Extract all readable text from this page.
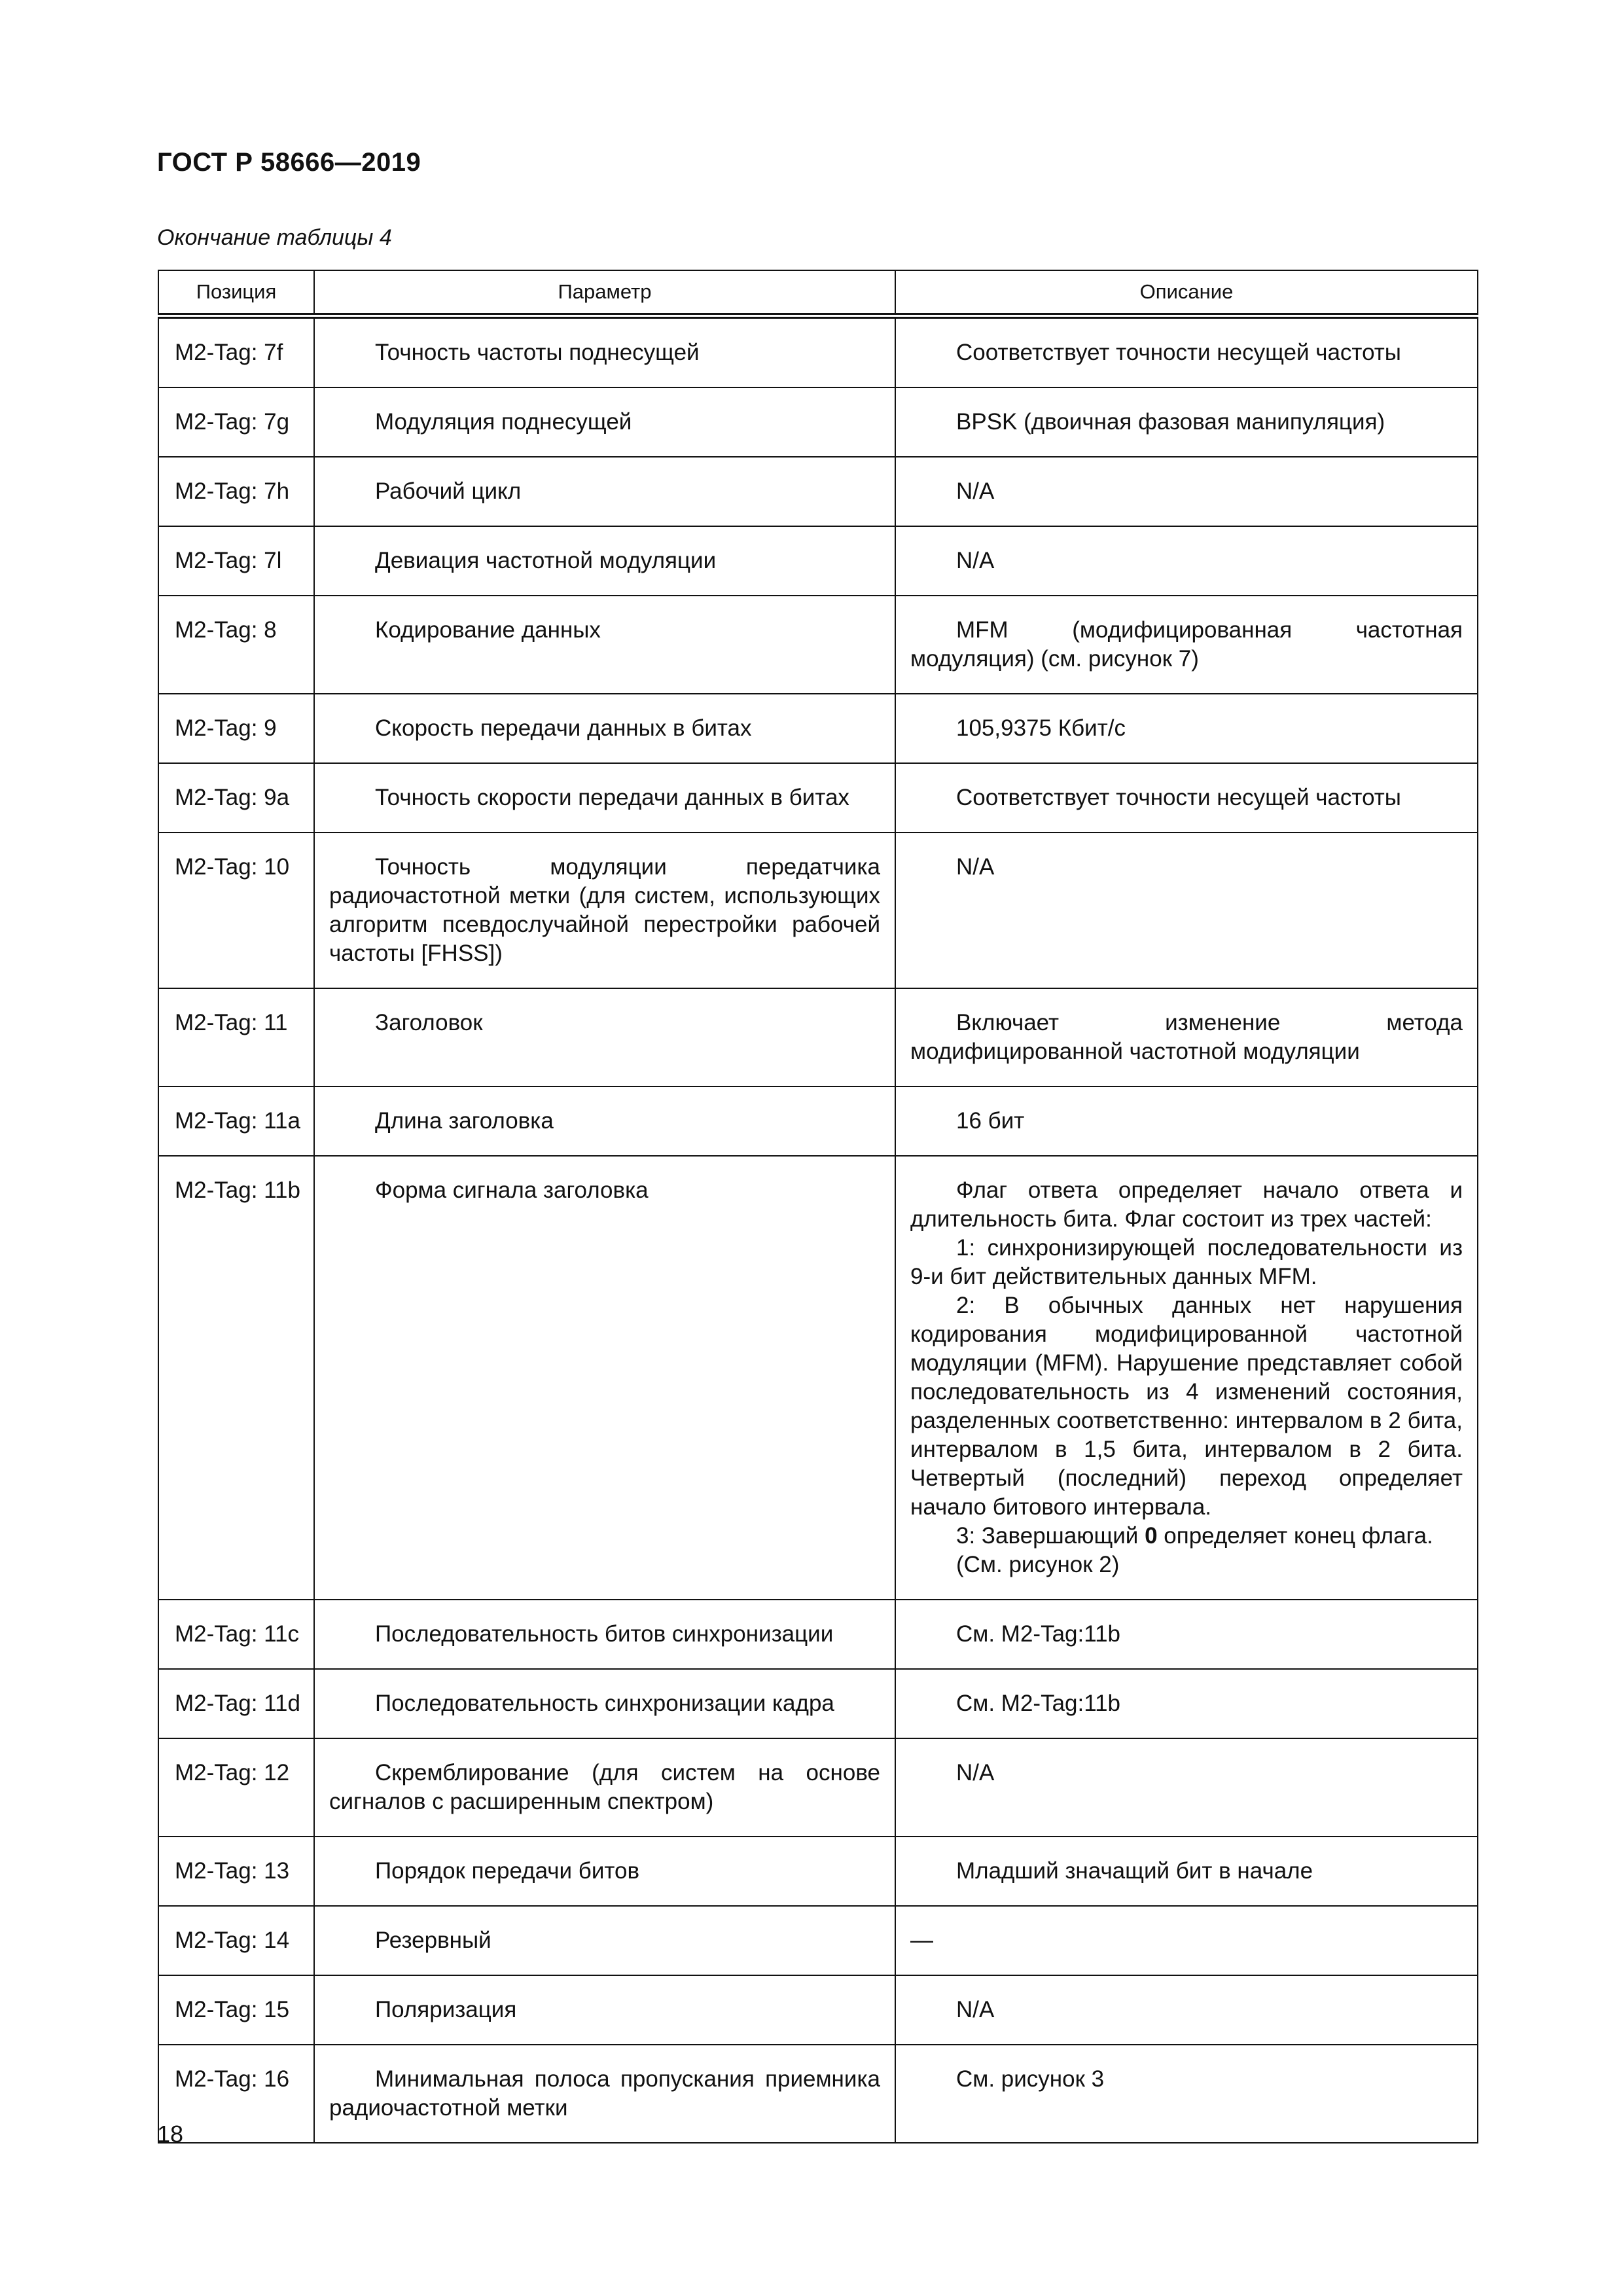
ГОСТ Р 58666—2019
Окончание таблицы 4
Позиция	Параметр	Описание
M2-Tag: 7f	Точность частоты поднесущей	Соответствует точности несущей частоты

M2-Tag: 7g	Модуляция поднесущей	BPSK (двоичная фазовая манипуляция)

M2-Tag: 7h	Рабочий цикл	N/A

M2-Tag: 7l	Девиация частотной модуляции	N/A

M2-Tag: 8	Кодирование данных	MFM (модифицированная частотная модуляция) (см. рисунок 7)

M2-Tag: 9	Скорость передачи данных в битах	105,9375 Кбит/с

M2-Tag: 9a	Точность скорости передачи данных в битах	Соответствует точности несущей частоты

M2-Tag: 10	Точность модуляции передатчика радиочастотной метки (для систем, использующих алгоритм псевдослучайной перестройки рабочей частоты [FHSS])	N/A

M2-Tag: 11	Заголовок	Включает изменение метода модифицированной частотной модуляции

M2-Tag: 11a	Длина заголовка	16 бит

M2-Tag: 11b	Форма сигнала заголовка	Флаг ответа определяет начало ответа и длительность бита. Флаг состоит из трех частей:

1: синхронизирующей последовательности из 9-и бит действительных данных MFM.

2: В обычных данных нет нарушения кодирования модифицированной частотной модуляции (MFM). Нарушение представляет собой последовательность из 4 изменений состояния, разделенных соответственно: интервалом в 2 бита, интервалом в 1,5 бита, интервалом в 2 бита. Четвертый (последний) переход определяет начало битового интервала.

3: Завершающий 0 определяет конец флага.

(См. рисунок 2)

M2-Tag: 11c	Последовательность битов синхронизации	См. M2-Tag:11b

M2-Tag: 11d	Последовательность синхронизации кадра	См. M2-Tag:11b

M2-Tag: 12	Скремблирование (для систем на основе сигналов с расширенным спектром)	N/A

M2-Tag: 13	Порядок передачи битов	Младший значащий бит в начале

M2-Tag: 14	Резервный	—
M2-Tag: 15	Поляризация	N/A

M2-Tag: 16	Минимальная полоса пропускания приемника радиочастотной метки	См. рисунок 3

18
